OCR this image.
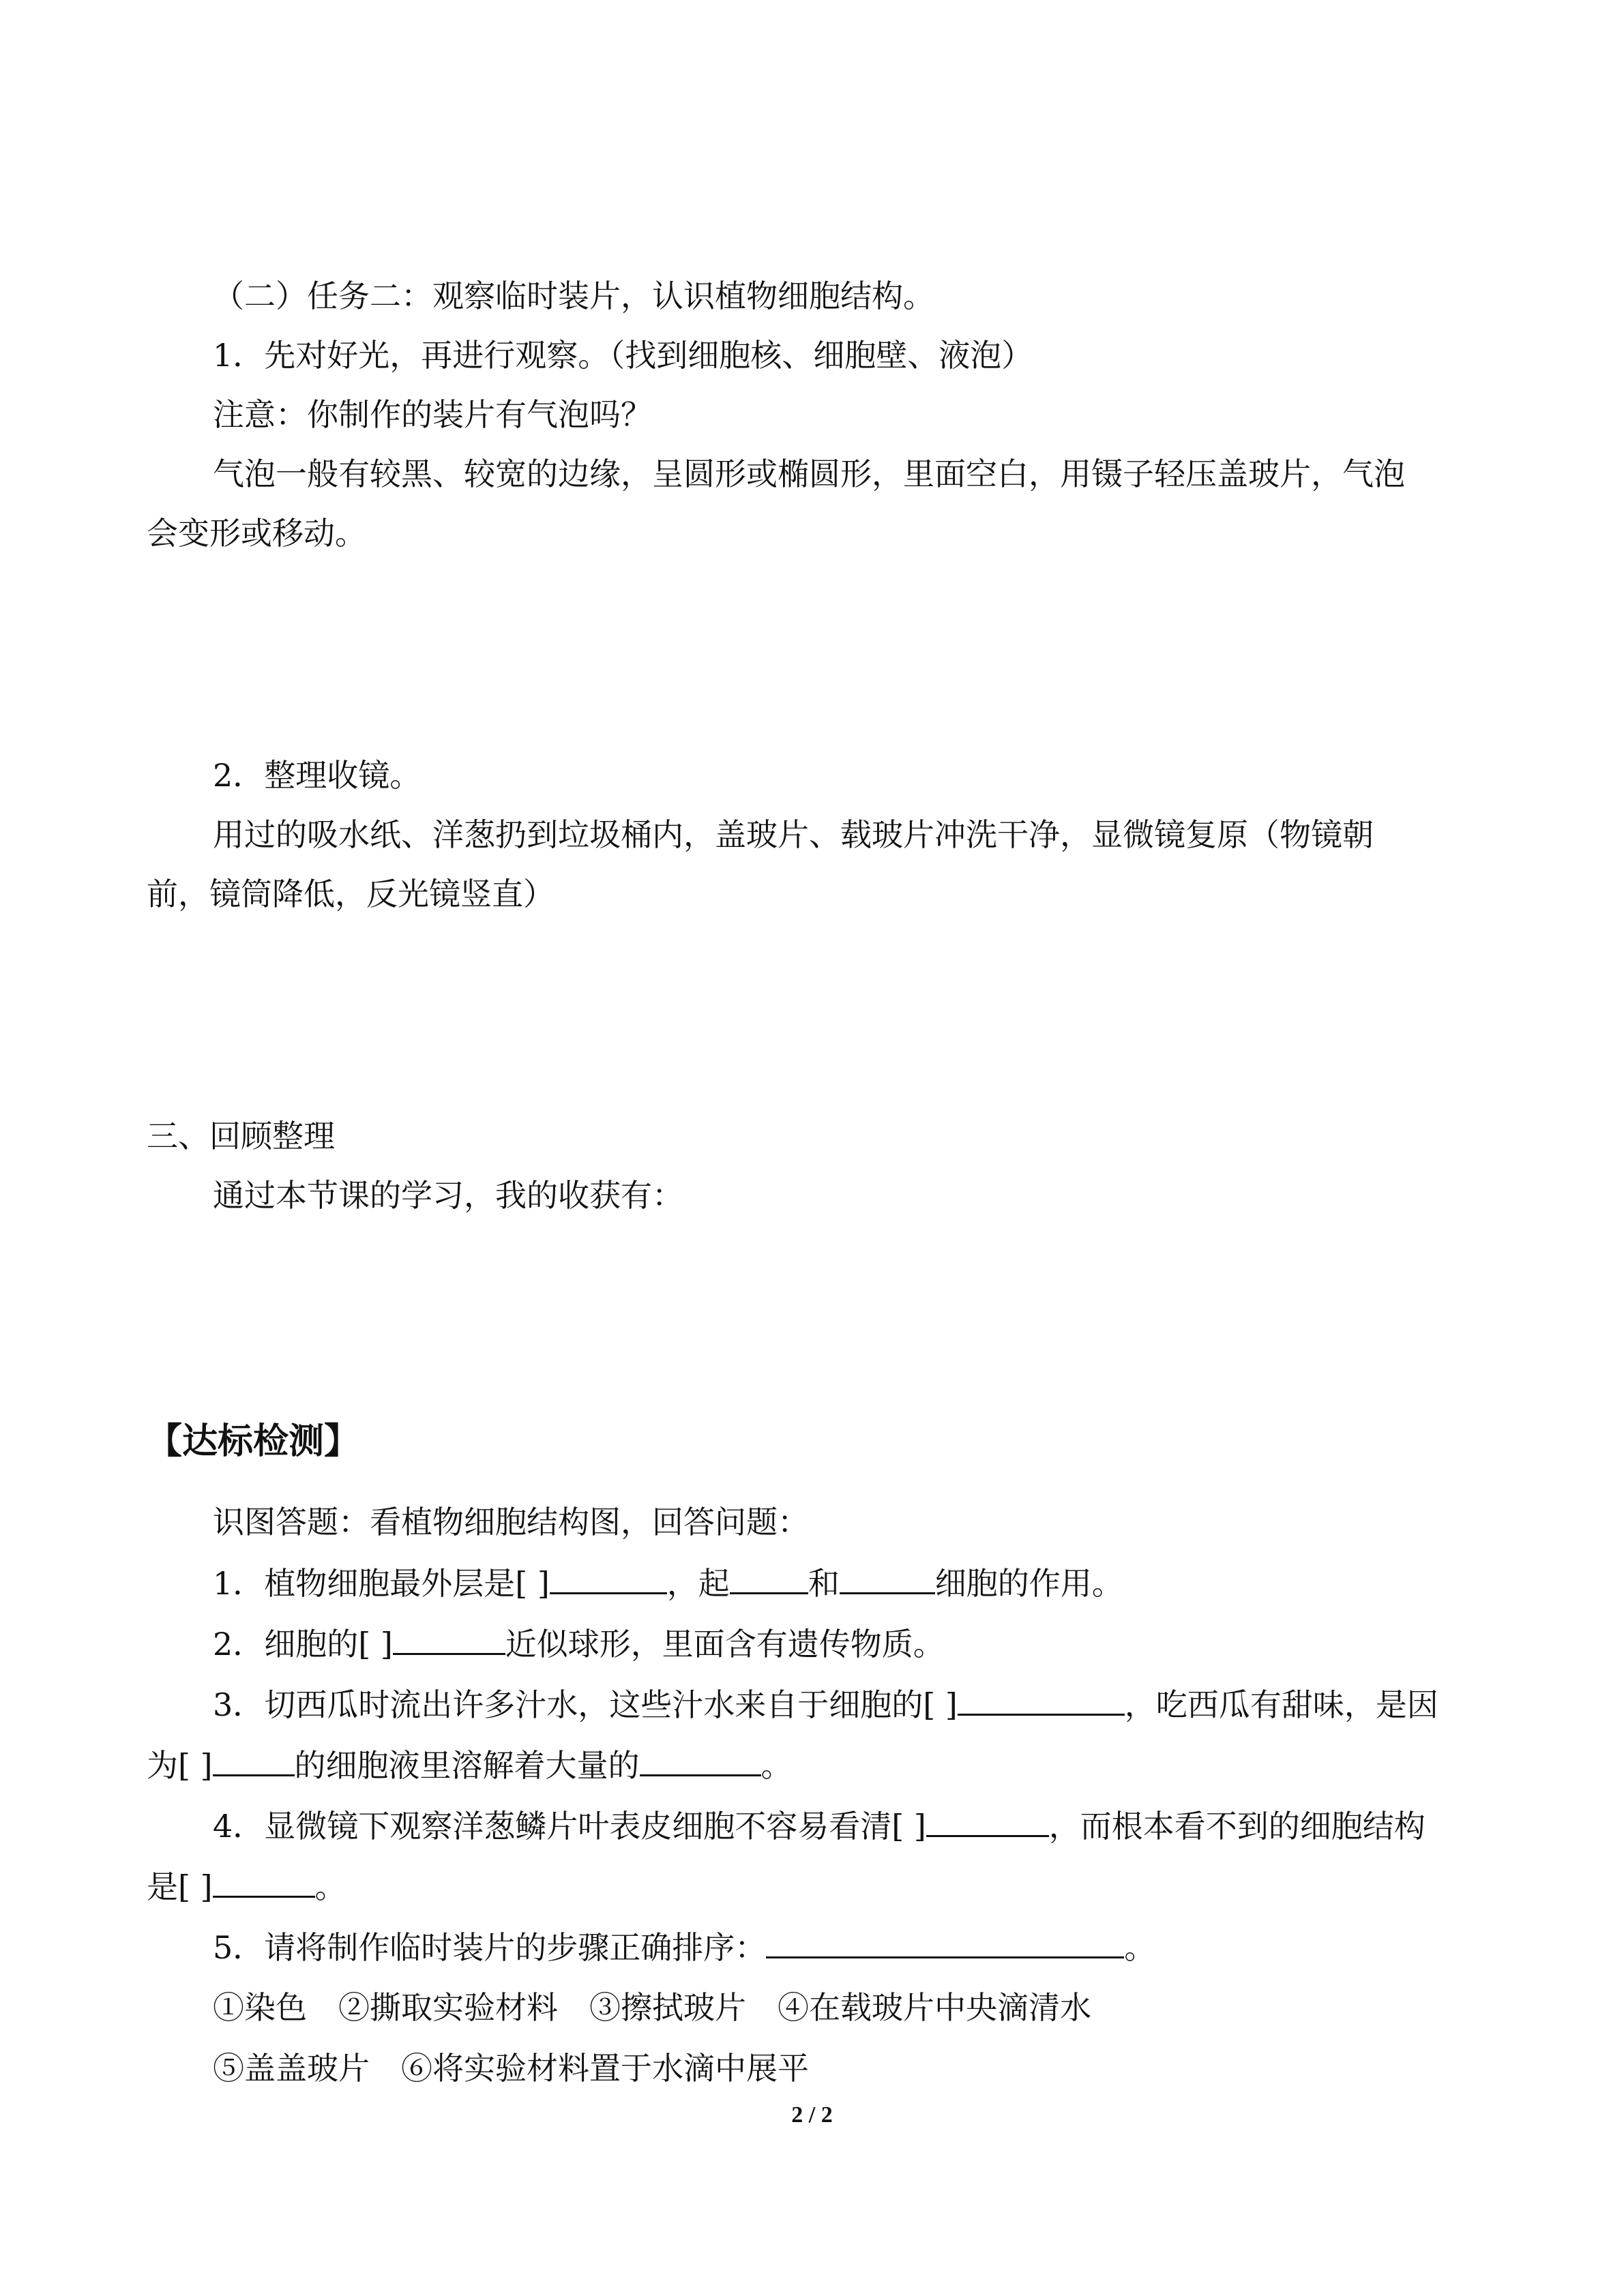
（二）任务二：观察临时装片，认识植物细胞结构。
1．先对好光，再进行观察。（找到细胞核、细胞壁、液泡）
注意：你制作的装片有气泡吗？
气泡一般有较黑、较宽的边缘，呈圆形或椭圆形，里面空白，用镊子轻压盖玻片，气泡
会变形或移动。
2．整理收镜。
用过的吸水纸、洋葱扔到垃圾桶内，盖玻片、载玻片冲洗干净，显微镜复原（物镜朝
前，镜筒降低，反光镜竖直）
三、回顾整理
通过本节课的学习，我的收获有：
【达标检测】
识图答题：看植物细胞结构图，回答问题：
1．植物细胞最外层是[ ]	，起	和	细胞的作用。
2．细胞的[ ]	近似球形，里面含有遗传物质。
3．切西瓜时流出许多汁水，这些汁水来自于细胞的[ ]	，吃西瓜有甜味，是因
为[ ]	的细胞液里溶解着大量的	。
4．显微镜下观察洋葱鳞片叶表皮细胞不容易看清[ ]	，而根本看不到的细胞结构
是[ ]	。
5．请将制作临时装片的步骤正确排序：	。
①染色　②撕取实验材料　③擦拭玻片　④在载玻片中央滴清水
⑤盖盖玻片　⑥将实验材料置于水滴中展平
2 / 2
